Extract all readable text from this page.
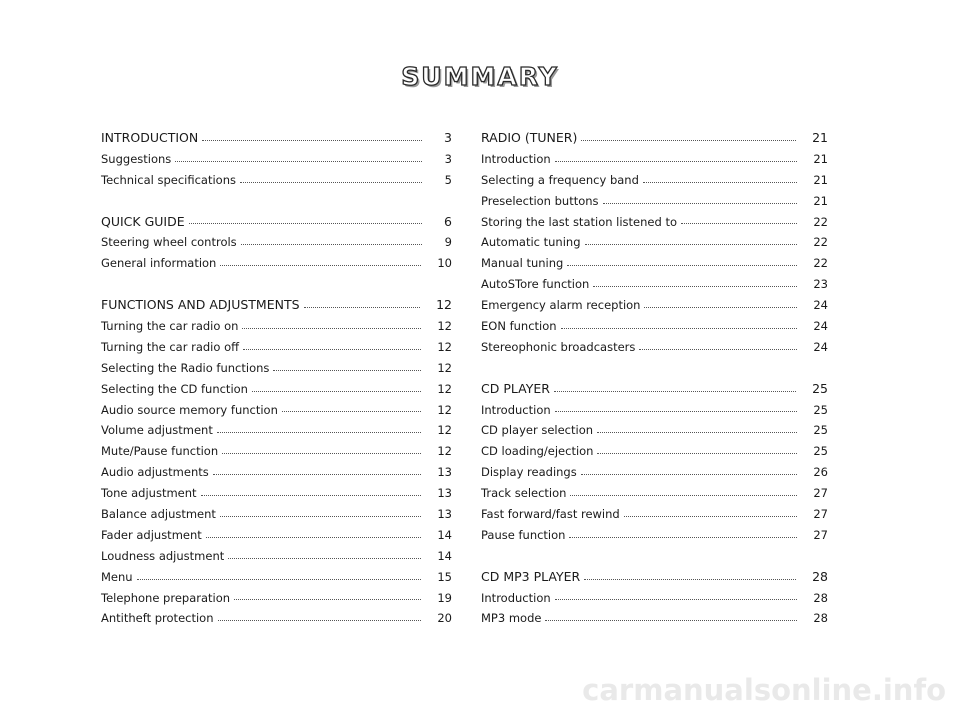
SUMMARY
INTRODUCTION	3
Suggestions	3
Technical specifications	5
QUICK GUIDE	6
Steering wheel controls	9
General information	10
FUNCTIONS AND ADJUSTMENTS	12
Turning the car radio on	12
Turning the car radio off	12
Selecting the Radio functions	12
Selecting the CD function	12
Audio source memory function	12
Volume adjustment	12
Mute/Pause function	12
Audio adjustments	13
Tone adjustment	13
Balance adjustment	13
Fader adjustment	14
Loudness adjustment	14
Menu	15
Telephone preparation	19
Antitheft protection	20
RADIO (TUNER)	21
Introduction	21
Selecting a frequency band	21
Preselection buttons	21
Storing the last station listened to	22
Automatic tuning	22
Manual tuning	22
AutoSTore function	23
Emergency alarm reception	24
EON function	24
Stereophonic broadcasters	24
CD PLAYER	25
Introduction	25
CD player selection	25
CD loading/ejection	25
Display readings	26
Track selection	27
Fast forward/fast rewind	27
Pause function	27
CD MP3 PLAYER	28
Introduction	28
MP3 mode	28
carmanualsonline.info
